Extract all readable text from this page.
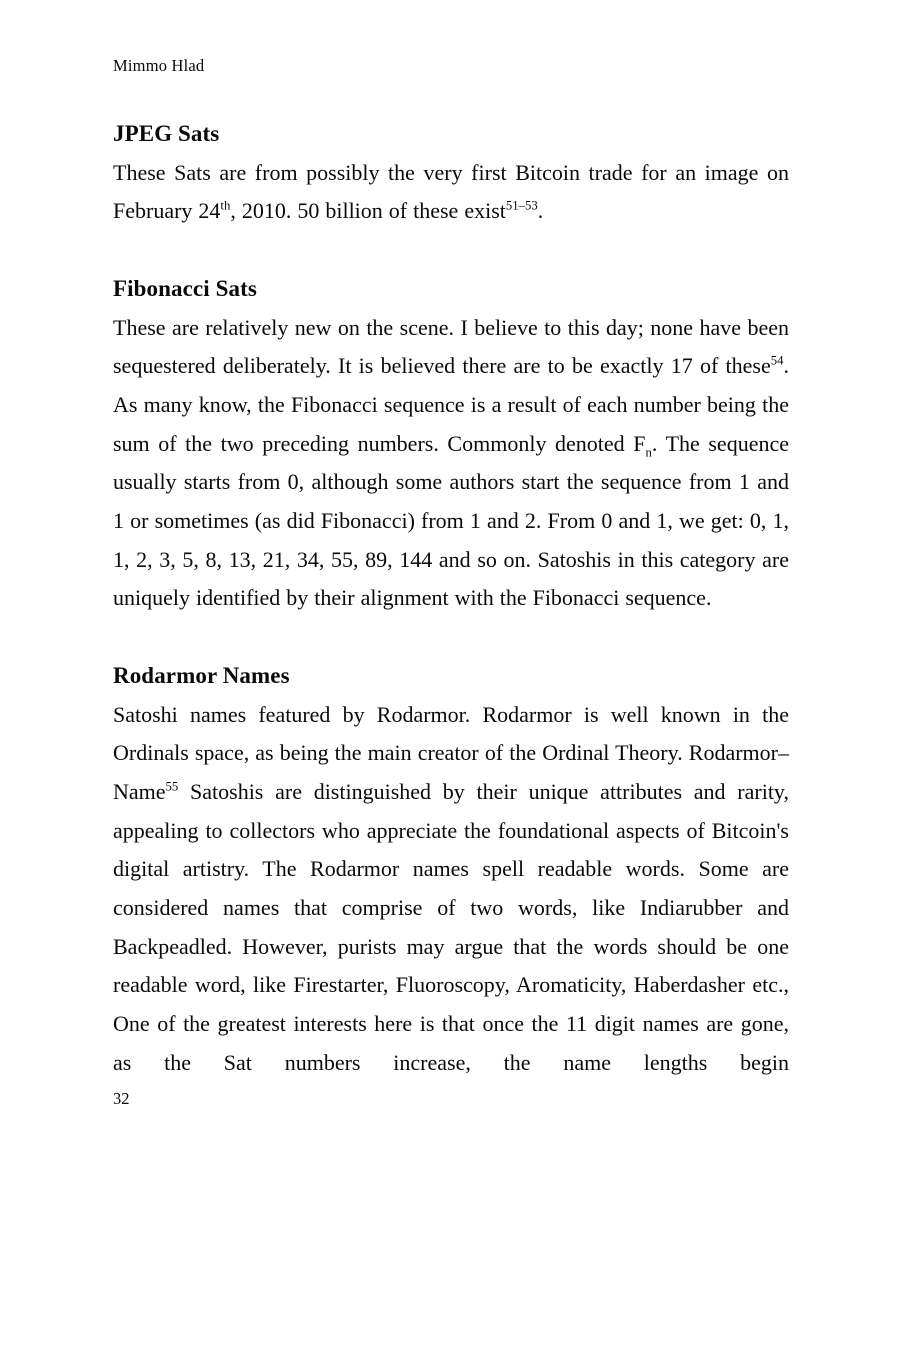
Mimmo Hlad
JPEG Sats

These Sats are from possibly the very first Bitcoin trade for an image on February 24th, 2010. 50 billion of these exist$^{51-53}$.

Fibonacci Sats

These are relatively new on the scene. I believe to this day; none have been sequestered deliberately. It is believed there are to be exactly 17 of these$^{54}$. As many know, the Fibonacci sequence is a result of each number being the sum of the two preceding numbers. Commonly denoted $F_n$. The sequence usually starts from 0, although some authors start the sequence from 1 and 1 or sometimes (as did Fibonacci) from 1 and 2. From 0 and 1, we get: 0, 1, 1, 2, 3, 5, 8, 13, 21, 34, 55, 89, 144 and so on. Satoshis in this category are uniquely identified by their alignment with the Fibonacci sequence.

Rodarmor Names

Satoshi names featured by Rodarmor. Rodarmor is well known in the Ordinals space, as being the main creator of the Ordinal Theory. Rodarmor–Name$^{55}$ Satoshis are distinguished by their unique attributes and rarity, appealing to collectors who appreciate the foundational aspects of Bitcoin's digital artistry. The Rodarmor names spell readable words. Some are considered names that comprise of two words, like Indiarubber and Backpeadled. However, purists may argue that the words should be one readable word, like Firestarter, Fluoroscopy, Aromaticity, Haberdasher etc., One of the greatest interests here is that once the 11 digit names are gone, as the Sat numbers increase, the name lengths begin

32
